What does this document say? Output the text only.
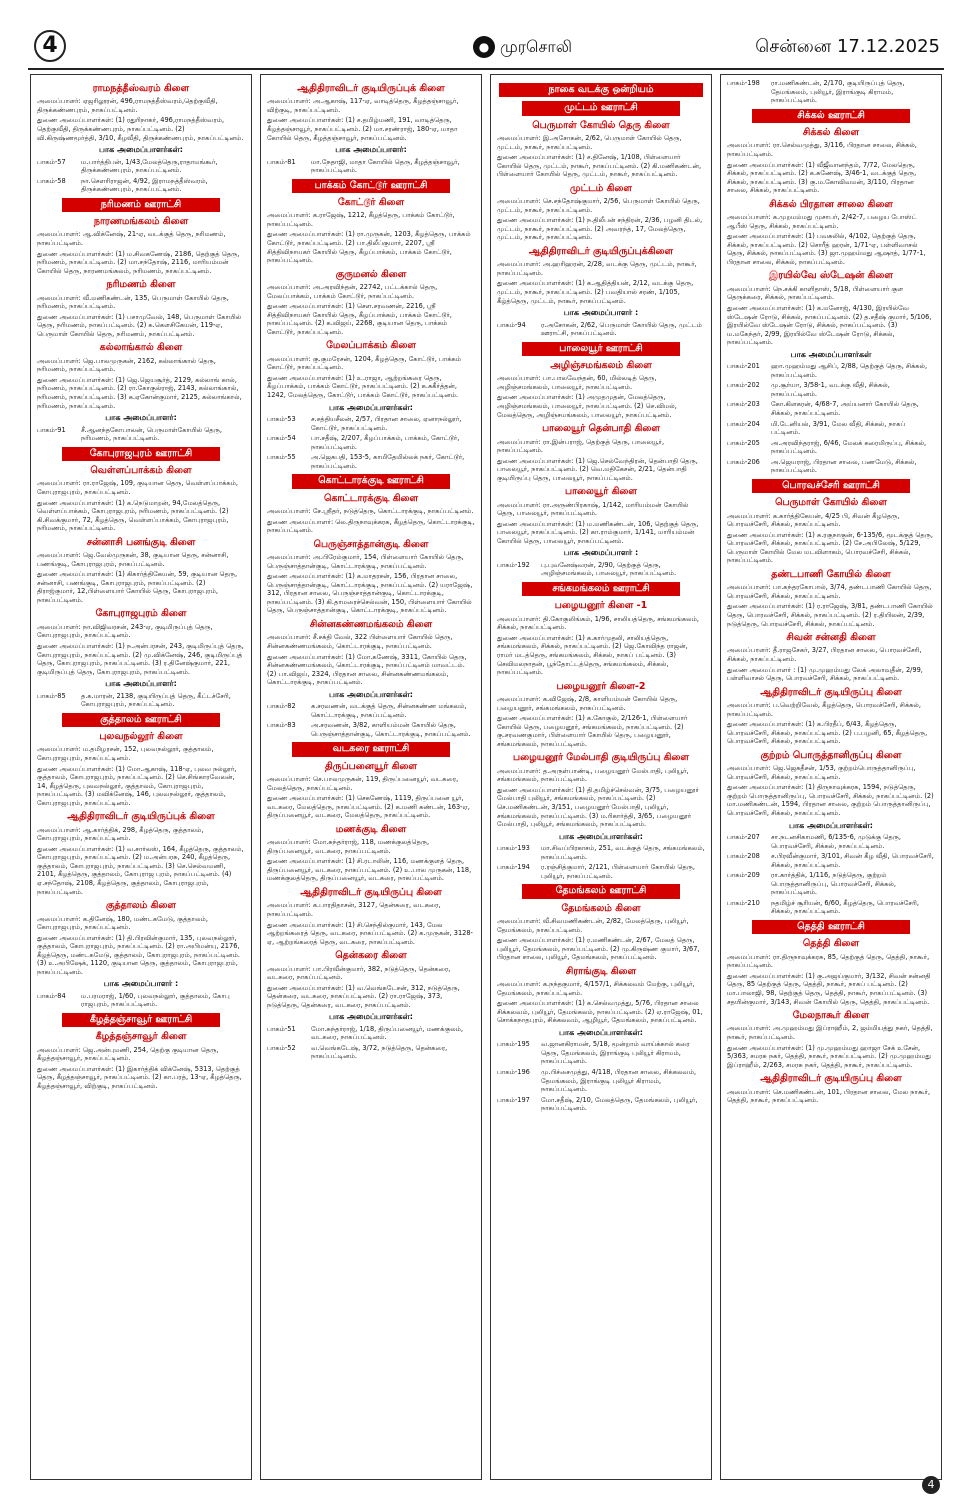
4	● முரசொலி	சென்னை 17.12.2025
ராமநத்தீஸ்வரம் கிளை

அமைப்பாளர்: ஏஜரிலூரன், 496,ராமநத்தீஸ்வரம்,தெற்குவீதி, திருக்கண்ணபுரம், நாகப்பட்டினம்.

துணை அமைப்பாளர்கள்: (1) ரதுரிநாகர், 496,ராமநத்தீஸ்வரம், தெற்குவீதி, திருக்கண்ணபுரம், நாகப்பட்டினம். (2) வி.கிருஷ்ணமூர்த்தி, 3/10, கீழவீதி, திருக்கண்ணபுரம், நாகப்பட்டினம்.

பாக அமைப்பாளர்கள்:
பாகம்-57	ம.பார்த்திபன், 1/43,மேலத்தெரு,ராதாமங்கூர், திருக்கண்ணபுரம், நாகப்பட்டினம்.
பாகம்-58	நா.செளரிராஜன், 4/92, இராமநத்தீஸ்வரம், திருக்கண்ணபுரம், நாகப்பட்டினம்.
நரிமணம் ஊராட்சி
நாரணமங்கலம் கிளை

அமைப்பாளர்: ஆ.விக்னேஷ், 21-ஏ, வடக்குத் தெரு, நரிமணம், நாகப்பட்டினம்.

துணை அமைப்பாளர்கள்: (1) ம.சிவகணேஷ், 2186, தெற்குத் தெரு, நரிமணம், நாகப்பட்டினம். (2) மா.சந்தோஷ், 2116, மாரியம்மன் கோயில் தெரு, நாரணமங்கலம், நரிமணம், நாகப்பட்டினம்.

நரிமணம் கிளை

அமைப்பாளர்: வீ.மணிகண்டன், 135, பெருமாள் கோயில் தெரு, நரிமணம், நாகப்பட்டினம்.

துணை அமைப்பாளர்கள்: (1) பசாமுவேல், 148, பெருமாள் கோயில் தெரு, நரிமணம், நாகப்பட்டினம். (2) க.கௌசிகேயன், 119-ஏ, பெருமாள் கோயில் தெரு, நரிமணம், நாகப்பட்டினம்.

கல்லாங்கால் கிளை

அமைப்பாளர்: ஜெ.பாலமுருகன், 2162, கல்லாங்கால் தெரு, நரிமணம், நாகப்பட்டினம்.

துணை அமைப்பாளர்கள்: (1) ஜெ.ஜெயசூர்த், 2129, கல்லாங் கால், நரிமணம், நாகப்பட்டினம். (2) ரா.கோகுல்ராஜ், 2143, கல்லாங்கால், நரிமணம், நாகப்பட்டினம். (3) க.ஏகோன்குமார், 2125, கல்லாங்கால், நரிமணம், நாகப்பட்டினம்.

பாக அமைப்பாளர்:
பாகம்-91	சீ.ஆனந்தகோபாலன், பெருமாள்கோயில் தெரு, நரிமணம், நாகப்பட்டினம்.
கோபுராஜபுரம் ஊராட்சி
வெள்ளப்பாக்கம் கிளை

அமைப்பாளர்: ரா.ராஜேஷ், 109, குடியான தெரு, வெள்ளப்பாக்கம், கோபுராஜபுரம், நாகப்பட்டினம்.

துணை அமைப்பாளர்கள்: (1) க.நெடுமாறன், 94,மேலத்தெரு, வெள்ளப்பாக்கம், கோபுராஜபுரம், நரிமணம், நாகப்பட்டினம். (2) கி.சிவக்குமார், 72, கீழத்தெரு, வெள்ளப்பாக்கம், கோபுராஜபுரம், நரிமணம், நாகப்பட்டினம்.

சன்னாசி பனங்குடி கிளை

அமைப்பாளர்: ஜெ.வேல்முருகன், 38, குடியான தெரு, சன்னாசி, பணங்குடி, கோபுராஜபுரம், நாகப்பட்டினம்.

துணை அமைப்பாளர்கள்: (1) கிகார்த்திகேயன், 59, குடியான தெரு, சன்னாசி, பணங்குடி, கோபுராஜபுரம், நாகப்பட்டினம். (2) திராஜ்குமார், 12,பிள்ளையார் கோயில் தெரு, கோபுராஜபுரம், நாகப்பட்டினம்.

கோபுராஜபுரம் கிளை

அமைப்பாளர்: நா.விஜிவரசன், 243-ஏ, குடிமிருப்புத் தெரு, கோபுராஜபுரம், நாகப்பட்டினம்.

துணை அமைப்பாளர்கள்: (1) ந.அன்பரசன், 243, குடிமிருப்புத் தெரு, கோபுராஜபுரம், நாகப்பட்டினம். (2) மு.விக்னேஷ், 246, குடிமிருப்புத் தெரு, கோபுராஜபுரம், நாகப்பட்டினம். (3) ர.தினேஷ்குமார், 221, குடிமிருப்புத் தெரு, கோபுராஜபுரம், நாகப்பட்டினம்.

பாக அமைப்பாளர்:
பாகம்-85	த.க.மாரன், 2138, குடியிருப்புத் தெரு, கீட்டச்சேரி, கோபுராஜபுரம், நாகப்பட்டினம்.
குத்தாலம் ஊராட்சி
புலவநல்லூர் கிளை

அமைப்பாளர்: ம.தமிழரசன், 152, புலவநல்லூர், குத்தாலம், கோபுராஜபுரம், நாகப்பட்டினம்.

துணை அமைப்பாளர்கள்: (1) மோ.ஆகாஷ், 118-ஏ, புலவ நல்லூர், குத்தாலம், கோபுராஜபுரம், நாகப்பட்டினம். (2) செ.சிங்காரவேலன், 14, கீழத்தெரு, புலவநல்லூர், குத்தாலம், கோபுராஜபுரம், நாகப்பட்டினம். (3) மவிக்னேஷ், 146, புலவநல்லூர், குத்தாலம், கோபுராஜபுரம், நாகப்பட்டினம்.

ஆதிதிராவிடர் குடியிருப்புக் கிளை

அமைப்பாளர்: ஆ.கார்த்திக், 298, கீழத்தெரு, குத்தாலம், கோபுராஜபுரம், நாகப்பட்டினம்.

துணை அமைப்பாளர்கள்: (1) வ.சார்லஸ், 164, கீழத்தெரு, குத்தாலம், கோபுராஜபுரம், நாகப்பட்டினம். (2) ம.அன்பரசு, 240, கீழத்தெரு, குத்தாலம், கோபுராஜபுரம், நாகப்பட்டினம். (3) செ.செல்வமணி, 2101, கீழத்தெரு, குத்தாலம், கோபுராஜ புரம், நாகப்பட்டினம். (4) ஏ.சந்தோஷ், 2108, கீழத்தெரு, குத்தாலம், கோபுராஜபுரம், நாகப்பட்டினம்.

குத்தாலம் கிளை

அமைப்பாளர்: க.தினேஷ், 180, மண்டகமேடு, குத்தாலம், கோபுராஜபுரம், நாகப்பட்டினம்.

துணை அமைப்பாளர்கள்: (1) தி.பிரவின்குமார், 135, புலவநல்லூர், குத்தாலம், கோபுராஜபுரம், நாகப்பட்டினம். (2) ரா.அபிமன்யு, 2176, கீழத்தெரு, மண்டகமேடு, குத்தாலம், கோபுராஜபுரம், நாகப்பட்டினம். (3) உ.அபிஷேக், 1120, குடியான தெரு, குத்தாலம், கோபுராஜபுரம், நாகப்பட்டினம்.

பாக அமைப்பாளர் :
பாகம்-84	ம.பரமராஜ், 1/60, புலவநல்லூர், குத்தாலம், கோபு ராஜபுரம், நாகப்பட்டினம்.
கீழத்தஞ்சாவூர் ஊராட்சி
கீழத்தஞ்சாவூர் கிளை

அமைப்பாளர்: ஜெ.அன்புமணி, 254, தெற்கு குடியான தெரு, கீழத்தஞ்சாவூர், நாகப்பட்டினம்.

துணை அமைப்பாளர்கள்: (1) இகார்த்திக் விக்னேஷ், 5313, தெற்குத் தெரு, கீழத்தஞ்சாவூர், நாகப்பட்டினம். (2) கா.பரத், 13-ஏ, கீழத்தெரு, கீழத்தஞ்சாவூர், விற்குடி, நாகப்பட்டினம்.

ஆதிதிராவிடர் குடியிருப்புக் கிளை

அமைப்பாளர்: அ.ஆகாஷ், 117-ஏ, வாடித்தெரு, கீழத்தஞ்சாவூர், விற்குடி, நாகப்பட்டினம்.

துணை அமைப்பாளர்கள்: (1) ச.தமிழ்மணி, 191, வாடித்தெரு, கீழத்தஞ்சாவூர், நாகப்பட்டினம். (2) மா.சரண்ராஜ், 180-ஏ, மாதா கோயில் தெரு, கீழத்தஞ்சாவூர், நாகப்பட்டினம்.

பாக அமைப்பாளர்:
பாகம்-81	மா.நேதாஜி, மாதா கோயில் தெரு, கீழத்தஞ்சாவூர், நாகப்பட்டினம்.
பாக்கம் கோட்டூர் ஊராட்சி
கோட்டூர் கிளை

அமைப்பாளர்: க.ராஜேஷ், 1212, கீழத்தெரு, பாக்கம் கோட்டூர், நாகப்பட்டினம்.

துணை அமைப்பாளர்கள்: (1) ரா.முருகன், 1203, கீழத்தெரு, பாக்கம் கோட்டூர், நாகப்பட்டினம். (2) பா.திலீப்குமார், 2207, ஸ்ரீ சித்திவிநாயகர் கோயில் தெரு, கீழப்பாக்கம், பாக்கம் கோட்டூர், நாகப்பட்டினம்.

குருமனல் கிளை

அமைப்பாளர்: அ.அரவிந்தன், 22742, பட்டக்கால் தெரு, மேலப்பாக்கம், பாக்கம் கோட்டூர், நாகப்பட்டினம்.

துணை அமைப்பாளர்கள்: (1) செள.சரவணன், 2216, ஸ்ரீ சித்திவிநாயகர் கோயில் தெரு, கீழப்பாக்கம், பாக்கம் கோட்டூர், நாகப்பட்டினம். (2) க.விஜய், 2268, குடியான தெரு, பாக்கம் கோட்டூர், நாகப்பட்டினம்.

மேலப்பாக்கம் கிளை

அமைப்பாளர்: கு.குமரேசன், 1204, கீழத்தெரு, கோட்டூர், பாக்கம் கோட்டூர், நாகப்பட்டினம்.

துணை அமைப்பாளர்கள்: (1) உ.ராஜா, ஆற்றங்கரை தெரு, கீழப்பாக்கம், பாக்கம் கோட்டூர், நாகப்பட்டினம். (2) க.சுகீர்த்தன், 1242, மேலத்தெரு, கோட்டூர், பாக்கம் கோட்டூர், நாகப்பட்டினம்.

பாக அமைப்பாளர்கள்:
பாகம்-53	ச.சத்தியசீலன், 2/57, பிரதான சாலை, ஏனாநல்லூர், கோட்டூர், நாகப்பட்டினம்.
பாகம்-54	பா.சதீஷ், 2/207, கீழப்பாக்கம், பாக்கம், கோட்டூர், நாகப்பட்டினம்.
பாகம்-55	அ.ஜெகபதி, 153-5, காமிதேமில்லக் நகர், கோட்டூர், நாகப்பட்டினம்.
கொட்டாரக்குடி ஊராட்சி
கொட்டாரக்குடி கிளை

அமைப்பாளர்: சே.ஸ்ரீதர், நடுத்தெரு, கொட்டாரக்குடி, நாகப்பட்டினம்.

துணை அமைப்பாளர்: லெ.திருநாவுக்கரசு, கீழத்தெரு, கொட்டாரக்குடி, நாகப்பட்டினம்.

பெருஞ்சாத்தான்குடி கிளை

அமைப்பாளர்: அ.பிரேம்குமார், 154, பிள்ளையார் கோயில் தெரு, பெருஞ்சாத்தான்குடி, கொட்டாரக்குடி, நாகப்பட்டினம்.

துணை அமைப்பாளர்கள்: (1) க.மாதரசன், 156, பிரதான சாலை, பெருஞ்சாத்தான்குடி, கொட்டாரக்குடி, நாகப்பட்டினம். (2) யராஜேஷ், 312, பிரதான சாலை, பெருஞ்சாத்தான்குடி, கொட்டாரக்குடி, நாகப்பட்டினம். (3) கி.தாமரைச்செல்வன், 150, பிள்ளையார் கோயில் தெரு, பெருஞ்சாத்தான்குடி, கொட்டாரக்குடி, நாகப்பட்டினம்.

சின்னகண்ணமங்கலம் கிளை

அமைப்பாளர்: சீ.சக்தி வேல், 322 பிள்ளையார் கோயில் தெரு, சின்னகண்ணமங்கலம், கொட்டாரக்குடி, நாகப்பட்டினம்.

துணை அமைப்பாளர்கள்: (1) மோ.கணேஷ், 3311, கோயில் தெரு, சின்னகண்ணமங்கலம், கொட்டாரக்குடி, நாகப்பட்டினம் மாவட்டம். (2) பா.விஜய், 2324, பிரதான சாலை, சின்னகண்ணமங்கலம், கொட்டாரக்குடி, நாகப்பட்டினம்.

பாக அமைப்பாளர்கள்:
பாகம்-82	க.சரவணன், வடக்குத் தெரு, சின்னகண்ண மங்கலம், கொட்டாரக்குடி, நாகப்பட்டினம்.
பாகம்-83	அ.சரவணன், 3/82, காளியம்மன் கோயில் தெரு, பெருஞ்சாத்தான்குடி, கொட்டாரக்குடி, நாகப்பட்டினம்.
வடகரை ஊராட்சி
திருப்பனையூர் கிளை

அமைப்பாளர்: செ.பாலமுருகன், 119, திருப்பனையூர், வடகரை, மேலத்தெரு, நாகப்பட்டினம்.

துணை அமைப்பாளர்கள்: (1) செகணேஷ், 1119, திருப்பனை யூர், வடகரை, மேலத்தெரு, நாகப்பட்டினம். (2) க.மணி கண்டன், 163-ஏ, திருப்பனையூர், வடகரை, மேலத்தெரு, நாகப்பட்டினம்.

மணக்குடி கிளை

அமைப்பாளர்: மோ.சுந்தர்ராஜ், 118, மணக்குலத்தெரு, திருப்பனையூர், வடகரை, நாகப்பட்டினம்.

துணை அமைப்பாளர்கள்: (1) சி.ரடாலின், 116, மணக்குளத் தெரு, திருப்பனையூர், வடகரை, நாகப்பட்டினம். (2) உ.பால முருகன், 118, மணக்குலத்தெரு, திருப்பனையூர், வடகரை, நாகப்பட்டினம்.

ஆதிதிராவிடர் குடியிருப்பு கிளை

அமைப்பாளர்: க.பாரதிதாசன், 3127, தென்கரை, வடகரை, நாகப்பட்டினம்.

துணை அமைப்பாளர்கள்: (1) சி.செந்தில்குமார், 143, மேல ஆற்றங்கரைத் தெரு, வடகரை, நாகப்பட்டினம். (2) க.முருகன், 3128-ஏ, ஆற்றங்கரைத் தெரு, வடகரை, நாகப்பட்டினம்.

தென்கரை கிளை

அமைப்பாளர்: பா.பிரவீன்குமார், 382, நடுத்தெரு, தென்கரை, வடகரை, நாகப்பட்டினம்.

துணை அமைப்பாளர்கள்: (1) வ.வெங்கடேசன், 312, நடுத்தெரு, தென்கரை, வடகரை, நாகப்பட்டினம். (2) ரா.ராஜேஷ், 373, நடுத்தெரு, தென்கரை, வடகரை, நாகப்பட்டினம்.

பாக அமைப்பாளர்கள்:
பாகம்-51	மோ.சுந்தர்ராஜ், 1/18, திருப்பனையூர், மணக்குலம், வடகரை, நாகப்பட்டினம்.
பாகம்-52	வ.வெங்கடேஷ், 3/72, நடுத்தெரு, தென்கரை, நாகப்பட்டினம்.
நாகை வடக்கு ஒன்றியம்
முட்டம் ஊராட்சி
பெருமாள் கோயில் தெரு கிளை

அமைப்பாளர்: இ.அசோகன், 2/62, பெருமாள் கோயில் தெரு, முட்டம், நாகூர், நாகப்பட்டினம்.

துணை அமைப்பாளர்கள்: (1) ச.தினேஷ், 1/108, பிள்ளையார் கோயில் தெரு, முட்டம், நாகூர், நாகப்பட்டினம். (2) கி.மணிகண்டன், பிள்ளையார் கோயில் தெரு, முட்டம், நாகூர், நாகப்பட்டினம்.

முட்டம் கிளை

அமைப்பாளர்: செ.சந்தோஷ்குமார், 2/56, பெருமாள் கோயில் தெரு, முட்டம், நாகூர், நாகப்பட்டினம்.

துணை அமைப்பாளர்கள்: (1) ந.திலீபன் சந்திரன், 2/36, பழனி திடல், முட்டம், நாகூர், நாகப்பட்டினம். (2) அவரந்த், 17, மேலத்தெரு, முட்டம், நாகூர், நாகப்பட்டினம்.

ஆதிதிராவிடர் குடியிருப்புக்கிளை

அமைப்பாளர்: அ.ஹரிஹரன், 2/28, வடக்கு தெரு, முட்டம், நாகூர், நாகப்பட்டினம்.

துணை அமைப்பாளர்கள்: (1) க.ஆதித்தியன், 2/12, வடக்கு தெரு, முட்டம், நாகூர், நாகப்பட்டினம். (2) பவதியால் சரண், 1/105, கீழ்த்தெரு, முட்டம், நாகூர், நாகப்பட்டினம்.

பாக அமைப்பாளர் :
பாகம்-94	ர.அசோகன், 2/62, பெருமாள் கோயில் தெரு, முட்டம் ஊராட்சி, நாகப்பட்டினம்.
பாலையூர் ஊராட்சி
அழிஞ்சமங்கலம் கிளை

அமைப்பாளர்: பா.பாலவேந்தன், 60, மில்லடித் தெரு, அழிஞ்சமங்கலம், பாலையூர், நாகப்பட்டினம்.

துணை அமைப்பாளர்கள்: (1) அமுதமுதன், மேலத்தெரு, அழிஞ்சமங்கலம், பாலையூர், நாகப்பட்டினம். (2) செ.விமல், மேலத்தெரு, அழிஞ்சமங்கலம், பாலையூர், நாகப்பட்டினம்.

பாலையூர் தென்பாதி கிளை

அமைப்பாளர்: ரா.இன்பராஜ், தெற்குத் தெரு, பாலையூர், நாகப்பட்டினம்.

துணை அமைப்பாளர்கள்: (1) ஜெ.செல்வேந்திரன், தென்பாதி தெரு, பாலையூர், நாகப்பட்டினம். (2) வெ.மதிகேசன், 2/21, தென்பாதி குடியிருப்பு தெரு, பாலையூர், நாகப்பட்டினம்.

பாலையூர் கிளை

அமைப்பாளர்: ரா.அருண்பிரகாஷ், 1/142, மாரியம்மன் கோயில் தெரு, பாலையூர், நாகப்பட்டினம்.

துணை அமைப்பாளர்கள்: (1) ம.மணிகண்டன், 106, தெற்குத் தெரு, பாலையூர், நாகப்பட்டினம். (2) கா.ராம்குமார், 1/141, மாரியம்மன் கோயில் தெரு, பாலையூர், நாகப்பட்டினம்.

பாக அமைப்பாளர் :
பாகம்-192	பு.புவனேஷ்வரன், 2/90, தெற்குத் தெரு, அழிஞ்சமங்கலம், பாலையூர், நாகப்பட்டினம்.
சங்கமங்கலம் ஊராட்சி
பழையனூர் கிளை -1

அமைப்பாளர்: தி.கோகுலிங்கம், 1/96, சாலியத்தெரு, சங்கமங்கலம், சிக்கல், நாகப்பட்டினம்.

துணை அமைப்பாளர்கள்: (1) க.கார்முதலி, சாலியத்தெரு, சங்கமங்கலம், சிக்கல், நாகப்பட்டினம். (2) ஜெ.கோவிந்த ராஜன், ராமர் மடத்தெரு, சங்கமங்கலம், சிக்கல், நாகப் பட்டினம். (3) செவிமலநாதன், பூந்தோட்டத்தெரு, சங்கமங்கலம், சிக்கல், நாகப்பட்டினம்.

பழையனூர் கிளை-2

அமைப்பாளர்: க.விஜேஷ், 2/8, காளியம்மன் கோயில் தெரு, பழையனூர், சங்கமங்கலம், நாகப்பட்டினம்.

துணை அமைப்பாளர்கள்: (1) க.கோகுல், 2/126-1, பிள்ளையார் கோயில் தெரு, பழையனூர், சங்கமங்கலம், நாகப்பட்டினம். (2) கு.சரவணகுமார், பிள்ளையார் கோயில் தெரு, பழையனூர், சங்கமங்கலம், நாகப்பட்டினம்.

பழையனூர் மேல்பாதி குடியிருப்பு கிளை

அமைப்பாளர்: த.அருள்பாண்டி, பழையனூர் மேல்பாதி, புலியூர், சங்கமங்கலம், நாகப்பட்டினம்.

துணை அமைப்பாளர்கள்: (1) தி.தமிழ்ச்செல்வன், 3/75, பழையனூர் மேல்பாதி புலியூர், சங்கமங்கலம், நாகப்பட்டினம். (2) செ.மணிகண்டன், 3/151, பழையனூர் மேல்பாதி, புலியூர், சங்கமங்கலம், நாகப்பட்டினம். (3) ம.ரிகார்த்தி, 3/65, பழையனூர் மேல்பாதி, புலியூர், சங்கமங்கலம், நாகப்பட்டினம்.

பாக அமைப்பாளர்கள்:
பாகம்-193	மா.சிவப்பிரகாசம், 251, வடக்குத் தெரு, சங்கமங்கலம், நாகப்பட்டினம்.
பாகம்-194	ர.ரஞ்சித்குமார், 2/121, பிள்ளையார் கோயில் தெரு, புலியூர், நாகப்பட்டினம்.
தேமங்கலம் ஊராட்சி
தேமங்கலம் கிளை

அமைப்பாளர்: வீ.சிவமணிகண்டன், 2/82, மேலத்தெரு, புலியூர், தேமங்கலம், நாகப்பட்டினம்.

துணை அமைப்பாளர்கள்: (1) ர.மணிகண்டன், 2/67, மேலத் தெரு, புலியூர், தேமங்கலம், நாகப்பட்டினம். (2) மு.கிருஷ்ண குமார், 3/67, பிரதான சாலை, புலியூர், தேமங்கலம், நாகப்பட்டினம்.

சிராங்குடி கிளை

அமைப்பாளர்: க.நந்தகுமார், 4/157/1, சிக்கலவம் மேற்கு, புலியூர், தேமங்கலம், நாகப்பட்டினம்.

துணை அமைப்பாளர்கள்: (1) க.செல்வமுத்து, 5/76, பிரதான சாலை சிக்கலவம், புலியூர், தேமங்கலம், நாகப்பட்டினம். (2) ஏ.ராஜேஷ், 01, சொக்கநாதபுரம், சிக்கலவம், ஆழியூர், தேமங்கலம், நாகப்பட்டினம்.

பாக அமைப்பாளர்கள்:
பாகம்-195	வ.ஜானகிராமன், 5/18, மூன்றாம் வாய்க்கால் கரை தெரு, தேமங்கலம், இராங்குடி புலியூர் கிராமம், நாகப்பட்டினம்.
பாகம்-196	மு.பிச்சைமுத்து, 4/118, பிரதான சாலை, சிக்கலவம், தேமங்கலம், இராங்குடி புலியூர் கிராமம், நாகப்பட்டினம்.
பாகம்-197	மோ.சதீஷ், 2/10, மேலத்தெரு, தேமங்கலம், புலியூர், நாகப்பட்டினம்.
பாகம்-198	ரா.மணிகண்டன், 2/170, குடியிருப்புத் தெரு, தேமங்கலம், புலியூர், இராங்குடி கிராமம், நாகப்பட்டினம்.
சிக்கல் ஊராட்சி
சிக்கல் கிளை

அமைப்பாளர்: ரா.செல்வமுத்து, 3/116, பிரதான சாலை, சிக்கல், நாகப்பட்டினம்.

துணை அமைப்பாளர்கள்: (1) வீஜீவானந்தம், 7/72, மேலதெரு, சிக்கல், நாகப்பட்டினம். (2) க.கணேஷ், 3/46-1, வடக்குத் தெரு, சிக்கல், நாகப்பட்டினம். (3) கு.ம.கோவிவமன், 3/110, பிரதான சாலை, சிக்கல், நாகப்பட்டினம்.

சிக்கல் பிரதான சாலை கிளை

அமைப்பாளர்: க.முறமம்மது முசாபர், 2/42-7, பழைய போஸ்ட் ஆபீஸ் தெரு, சிக்கல், நாகப்பட்டினம்.

துணை அமைப்பாளர்கள்: (1) பவகலில், 4/102, தெற்குத் தெரு, சிக்கல், நாகப்பட்டினம். (2) சொரீத் ஹரன், 1/71-ஏ, பள்ளிவாசல் தெரு, சிக்கல், நாகப்பட்டினம். (3) ஜா.முஹம்மது ஆஷாத், 1/77-1, பிரதான சாலை, சிக்கல், நாகப்பட்டினம்.

இரயில்வே ஸ்டேஷன் கிளை

அமைப்பாளர்: நெ.சக்கி காளிதாஸ், 5/18, பிள்ளையார் குள தெருக்கரை, சிக்கல், நாகப்பட்டினம்.

துணை அமைப்பாளர்கள்: (1) க.மனோஜ், 4/130, இரயில்வே ஸ்டேஷன் ரோடு, சிக்கல், நாகப்பட்டினம். (2) த.சதீஷ் குமார், 5/106, இரயில்வே ஸ்டேஷன் ரோடு, சிக்கல், நாகப்பட்டினம். (3) ம.மகேந்தர், 2/99, இரயில்வே ஸ்டேஷன் ரோடு, சிக்கல், நாகப்பட்டினம்.

பாக அமைப்பாளர்கள்
பாகம்-201	ஹா.முஹம்மது ஆசிப், 2/88, தெற்குத் தெரு, சிக்கல், நாகப்பட்டினம்.
பாகம்-202	மு.சூர்யா, 3/58-1, வடக்கு வீதி, சிக்கல், நாகப்பட்டினம்.
பாகம்-203	கோ.கிளகரன், 4/68-7, அய்யனார் கோயில் தெரு, சிக்கல், நாகப்பட்டினம்.
பாகம்-204	மி.டேனியல், 3/91, மேல வீதி, சிக்கல், நாகப் பட்டினம்.
பாகம்-205	அ.அரவிந்தராஜ், 6/46, மேலக் கரைமிருப்பு, சிக்கல், நாகப்பட்டினம்.
பாகம்-206	அ.ஜெயராஜ், பிரதான சாலை, பணமேடு, சிக்கல், நாகப்பட்டினம்.
பொரவச்சேரி ஊராட்சி
பெருமாள் கோயில் கிளை

அமைப்பாளர்: க.கார்த்திகேயன், 4/25 பி, சிவன் கீழதெரு, பொரவச்சேரி, சிக்கல், நாகப்பட்டினம்.

துணை அமைப்பாளர்கள்: (1) சு.ரகுநாகுன், 6-135/6, மூடக்குத் தெரு, பொரவச்சேரி, சிக்கல், நாகப்பட்டினம். (2) சே.அபிலேஷ், 5/129, பெருமாள் கோயில் மேல மடவிளாகம், பொரவச்சேரி, சிக்கல், நாகப்பட்டினம்.

தண்டபாணி கோயில் கிளை

அமைப்பாளர்: பா.சுந்தரகோபால், 3/74, தண்டபாணி கோயில் தெரு, பொரவச்சேரி, சிக்கல், நாகப்பட்டினம்.

துணை அமைப்பாளர்கள்: (1) ர.ராஜேஷ், 3/81, தண்டபாணி கோயில் தெரு, பொரவச்சேரி, சிக்கல், நாகப்பட்டினம். (2) ர.தியிலன், 2/39, நடுத்தெரு, பொரவச்சேரி, சிக்கல், நாகப்பட்டினம்.

சிவன் சன்னதி கிளை

அமைப்பாளர்: தீ.ராஜசேகர், 3/27, பிரதான சாலை, பொரவச்சேரி, சிக்கல், நாகப்பட்டினம்.

துணை அமைப்பாளர் : (1) மு.முஹம்மது லேக் அலாவுதீன், 2/99, பள்ளிவாசல் தெரு, பொரவச்சேரி, சிக்கல், நாகப்பட்டினம்.

ஆதிதிராவிடர் குடியிருப்பு கிளை

அமைப்பாளர்: ப.வெற்றிவேல், கீழத்தெரு, பொரவச்சேரி, சிக்கல், நாகப்பட்டினம்.

துணை அமைப்பாளர்கள்: (1) க.பிரதீப், 6/43, கீழத்தெரு, பொரவச்சேரி, சிக்கல், நாகப்பட்டினம். (2) ப.பழனி, 65, கீழத்தெரு, பொரவச்சேரி, சிக்கல், நாகப்பட்டினம்.

குற்றம் பொருத்தானிருப்பு கிளை

அமைப்பாளர்: ஜெ.ஜெகதீசன், 1/53, குற்றம்பொருத்தானிருப்பு, பொரவச்சேரி, சிக்கல், நாகப்பட்டினம்.

துணை அமைப்பாளர்கள்: (1) திருநாவுக்கரசு, 1594, நடுத்தெரு, குற்றம் பொருத்தானிருப்பு, பொரவச்சேரி, சிக்கல், நாகப்பட்டினம். (2) மா.மணிகண்டன், 1594, பிரதான சாலை, குற்றம் பொருத்தானிருப்பு, பொரவச்சேரி, சிக்கல், நாகப்பட்டினம்.

பாக அமைப்பாளர்கள்:
பாகம்-207	சா.நடனசிகாமணி, 6/135-6, முடுக்கு தெரு, பொரவச்சேரி, சிக்கல், நாகப்பட்டினம்.
பாகம்-208	ச.பிரவீன்குமார், 3/101, சிவன் கீழ வீதி, பொரவச்சேரி, சிக்கல், நாகப்பட்டினம்.
பாகம்-209	ரா.கார்த்திக், 1/116, நடுத்தெரு, குற்றம் பொருத்தானிருப்பு, பொரவச்சேரி, சிக்கல், நாகப்பட்டினம்.
பாகம்-210	நதமிழ்ச் சூரியன், 6/60, கீழத்தெரு, பொரவச்சேரி, சிக்கல், நாகப்பட்டினம்.
தெத்தி ஊராட்சி
தெத்தி கிளை

அமைப்பாளர்: ரா.திருநாவுக்கரசு, 85, தெற்குத் தெரு, தெத்தி, நாகூர், நாகப்பட்டினம்.

துணை அமைப்பாளர்கள்: (1) கு.அஜய்குமார், 3/132, சிவன் சன்னதி தெரு, 85 தெற்குத் தெரு, தெத்தி, நாகூர், நாகப் பட்டினம். (2) மா.பாலாஜி, 98, தெற்குத் தெரு, தெத்தி, நாகூர், நாகப்பட்டினம். (3) சதயின்குமார், 3/143, சிவன் கோயில் தெரு, தெத்தி, நாகப்பட்டினம்.

மேலநாகூர் கிளை

அமைப்பாளர்: அ.முஹம்மது இப்ராஹீம், 2, ஜம்மியத்து நகர், தெத்தி, நாகூர், நாகப்பட்டினம்.

துணை அமைப்பாளர்கள்: (1) மு.முஹம்மது ஹாஜா சேக் உசேன், 5/363, சமரசு நகர், தெத்தி, நாகூர், நாகப்பட்டினம். (2) மு.முஹம்மது இப்ராஹீம், 2/263, சமரசு நகர், தெத்தி, நாகூர், நாகப்பட்டினம்.

ஆதிதிராவிடர் குடியிருப்பு கிளை

அமைப்பாளர்: செ.மணிகண்டன், 101, பிரதான சாலை, மேல நாகூர், தெத்தி, நாகூர், நாகப்பட்டினம்.

4
